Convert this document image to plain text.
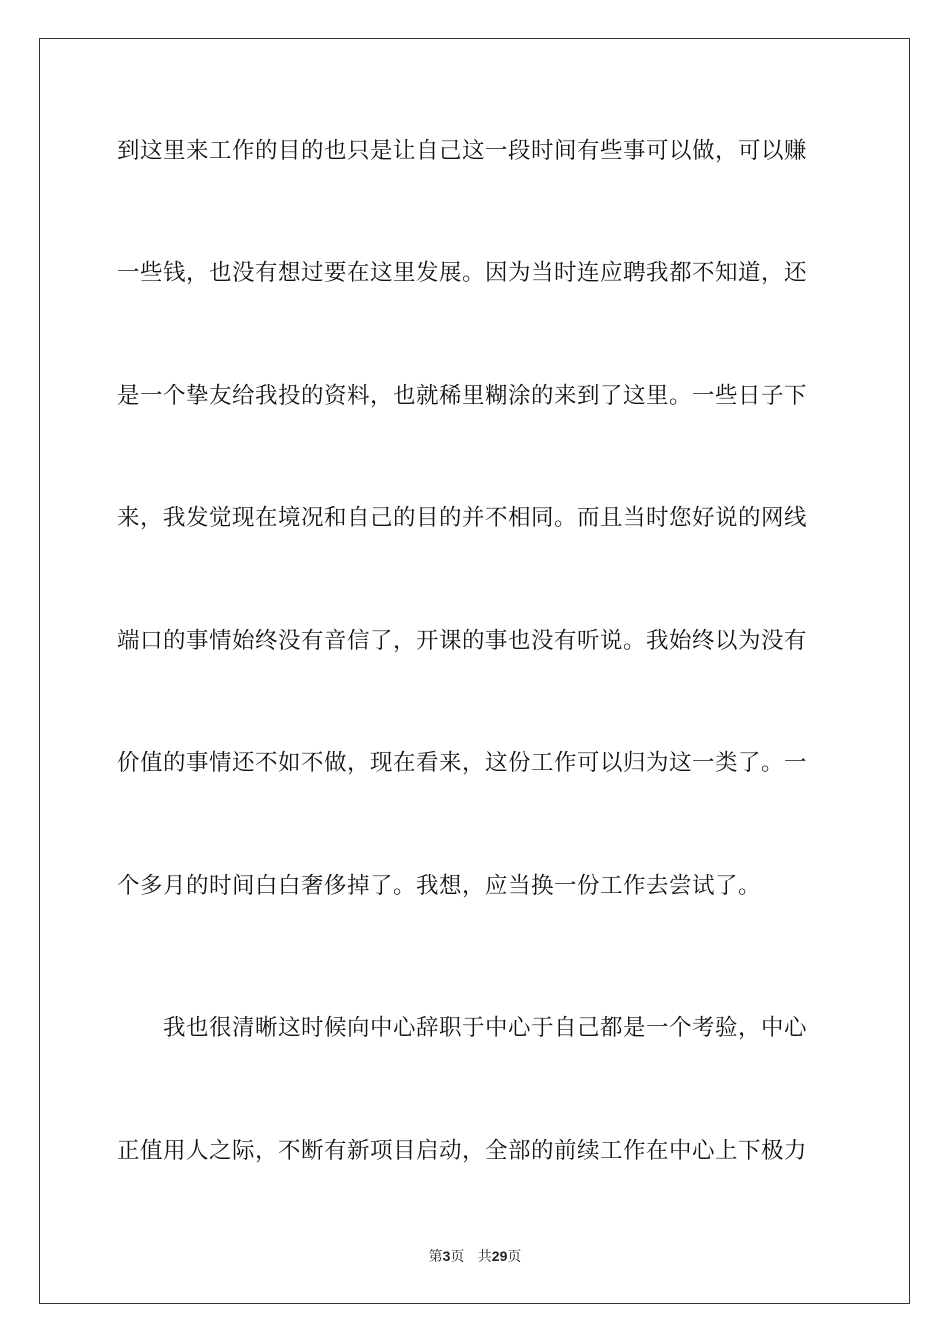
到这里来工作的目的也只是让自己这一段时间有些事可以做，可以赚
一些钱，也没有想过要在这里发展。因为当时连应聘我都不知道，还
是一个挚友给我投的资料，也就稀里糊涂的来到了这里。一些日子下
来，我发觉现在境况和自己的目的并不相同。而且当时您好说的网线
端口的事情始终没有音信了，开课的事也没有听说。我始终以为没有
价值的事情还不如不做，现在看来，这份工作可以归为这一类了。一
个多月的时间白白奢侈掉了。我想，应当换一份工作去尝试了。
　　我也很清晰这时候向中心辞职于中心于自己都是一个考验，中心
正值用人之际，不断有新项目启动，全部的前续工作在中心上下极力
第3页 共29页
